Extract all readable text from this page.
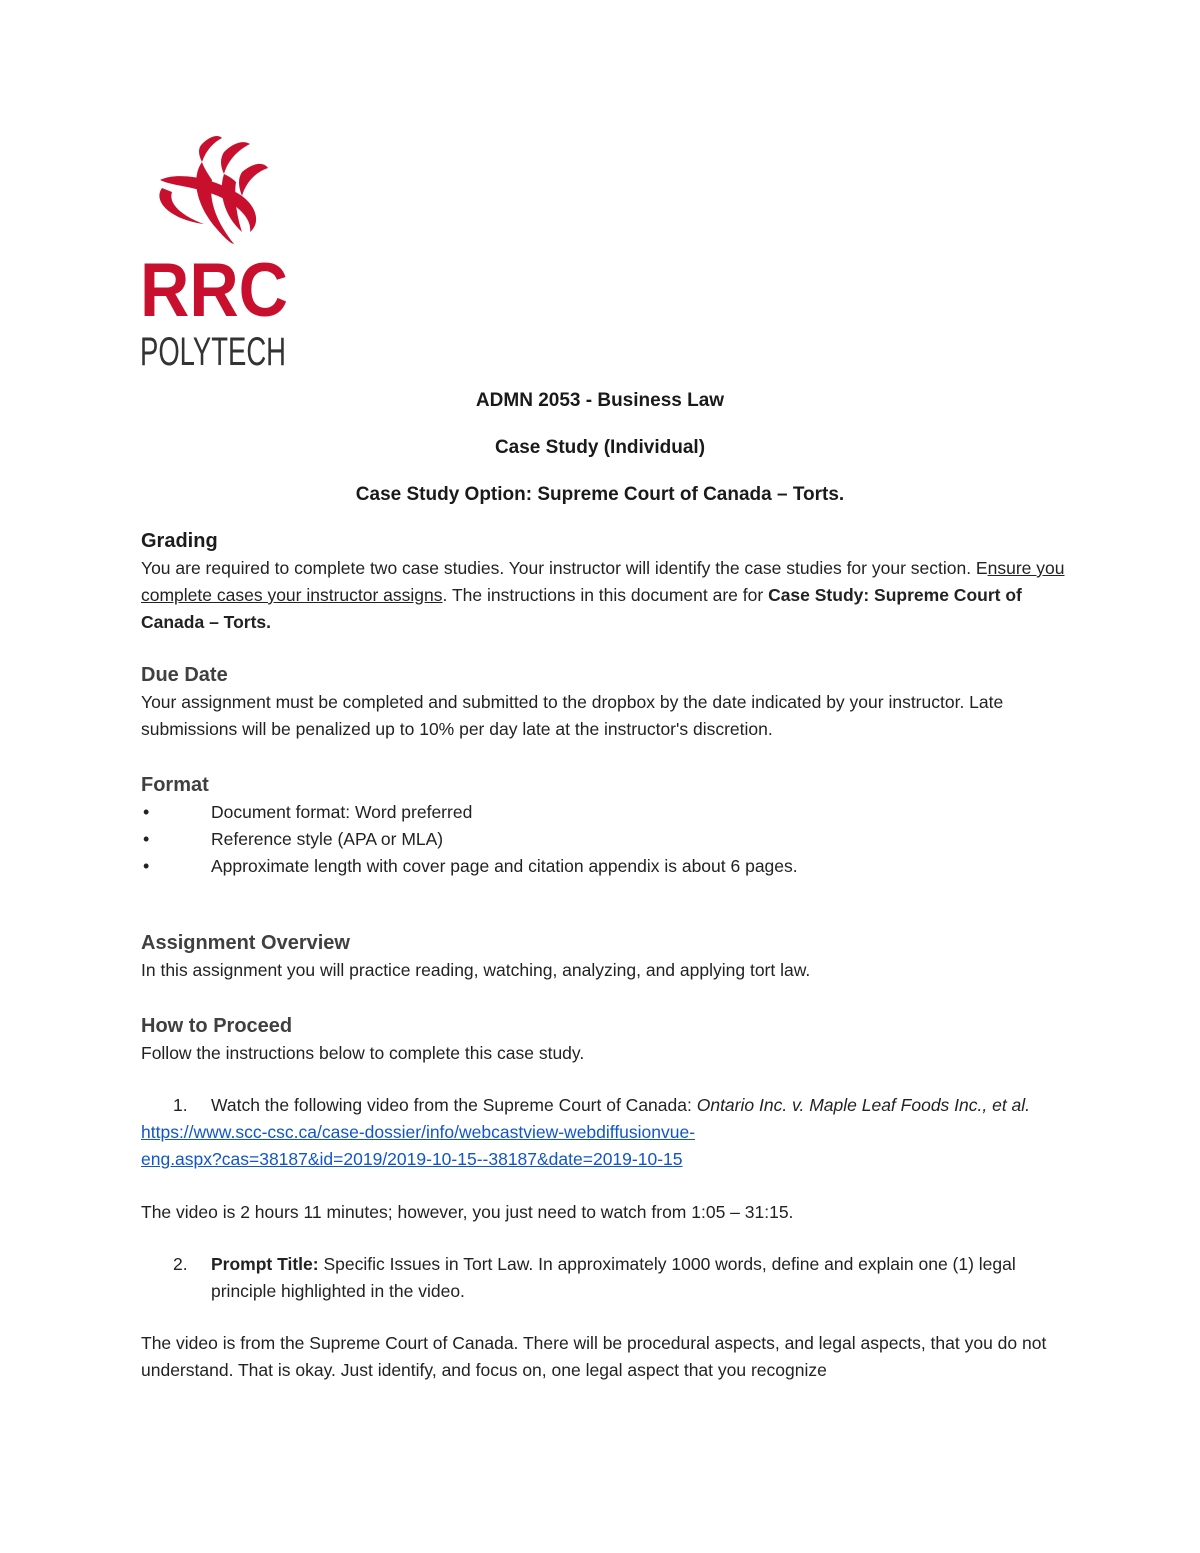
RRC
POLYTECH
ADMN 2053 - Business Law
Case Study (Individual)
Case Study Option: Supreme Court of Canada – Torts.
Grading

You are required to complete two case studies. Your instructor will identify the case studies for your section. Ensure you complete cases your instructor assigns. The instructions in this document are for Case Study: Supreme Court of Canada – Torts.

Due Date

Your assignment must be completed and submitted to the dropbox by the date indicated by your instructor. Late submissions will be penalized up to 10% per day late at the instructor's discretion.

Format
• Document format: Word preferred
• Reference style (APA or MLA)
• Approximate length with cover page and citation appendix is about 6 pages.
Assignment Overview

In this assignment you will practice reading, watching, analyzing, and applying tort law.

How to Proceed

Follow the instructions below to complete this case study.

1. Watch the following video from the Supreme Court of Canada: Ontario Inc. v. Maple Leaf Foods Inc., et al.
https://www.scc-csc.ca/case-dossier/info/webcastview-webdiffusionvue-
eng.aspx?cas=38187&id=2019/2019-10-15--38187&date=2019-10-15

The video is 2 hours 11 minutes; however, you just need to watch from 1:05 – 31:15.

2. Prompt Title: Specific Issues in Tort Law. In approximately 1000 words, define and explain one (1) legal principle highlighted in the video.

The video is from the Supreme Court of Canada. There will be procedural aspects, and legal aspects, that you do not understand. That is okay. Just identify, and focus on, one legal aspect that you recognize
